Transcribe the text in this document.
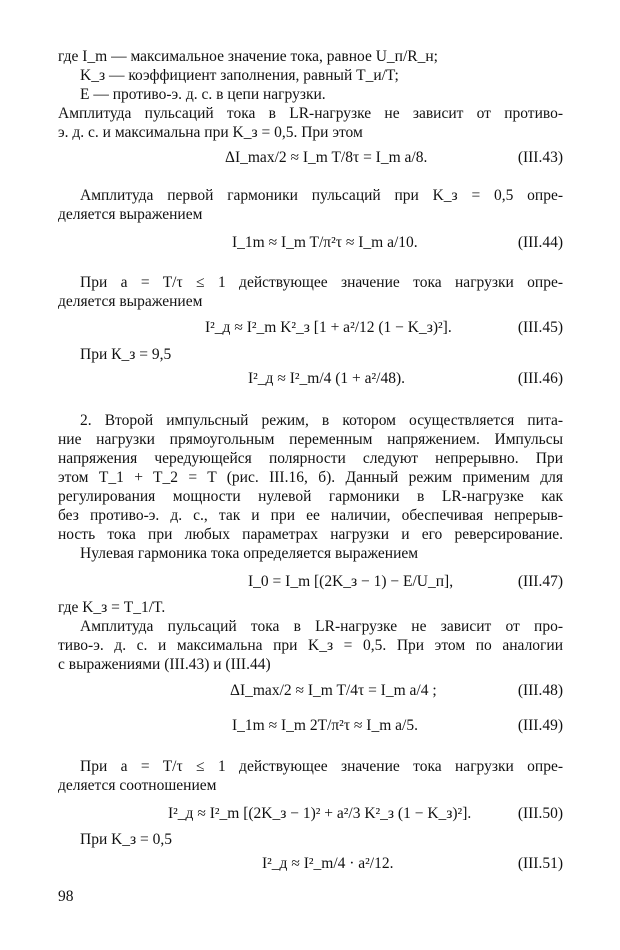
где I_m — максимальное значение тока, равное U_п/R_н;
K_з — коэффициент заполнения, равный T_и/T;
E — противо-э. д. с. в цепи нагрузки.
Амплитуда пульсаций тока в LR-нагрузке не зависит от противо-
э. д. с. и максимальна при K_з = 0,5. При этом
ΔI_max/2 ≈ I_m T/8τ = I_m a/8.	(III.43)
Амплитуда первой гармоники пульсаций при K_з = 0,5 опре-
деляется выражением
I_1m ≈ I_m T/π²τ ≈ I_m a/10.	(III.44)
При a = T/τ ≤ 1 действующее значение тока нагрузки опре-
деляется выражением
I²_д ≈ I²_m K²_з [1 + a²/12 (1 − K_з)²].	(III.45)
При К_з = 9,5
I²_д ≈ I²_m/4 (1 + a²/48).	(III.46)
2. Второй импульсный режим, в котором осуществляется пита-
ние нагрузки прямоугольным переменным напряжением. Импульсы
напряжения чередующейся полярности следуют непрерывно. При
этом T_1 + T_2 = T (рис. III.16, б). Данный режим применим для
регулирования мощности нулевой гармоники в LR-нагрузке как
без противо-э. д. с., так и при ее наличии, обеспечивая непрерыв-
ность тока при любых параметрах нагрузки и его реверсирование.
Нулевая гармоника тока определяется выражением
I_0 = I_m [(2K_з − 1) − E/U_п],	(III.47)
где K_з = T_1/T.
Амплитуда пульсаций тока в LR-нагрузке не зависит от про-
тиво-э. д. с. и максимальна при K_з = 0,5. При этом по аналогии
с выражениями (III.43) и (III.44)
ΔI_max/2 ≈ I_m T/4τ = I_m a/4 ;	(III.48)
I_1m ≈ I_m 2T/π²τ ≈ I_m a/5.	(III.49)
При a = T/τ ≤ 1 действующее значение тока нагрузки опре-
деляется соотношением
I²_д ≈ I²_m [(2K_з − 1)² + a²/3 K²_з (1 − K_з)²].	(III.50)
При K_з = 0,5
I²_д ≈ I²_m/4 · a²/12.	(III.51)
98
